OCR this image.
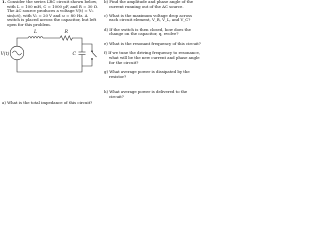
1. Consider the series LRC circuit shown below,
with L = 100 mH, C = 1000 µF, and R = 30 Ω.
The AC source produces a voltage V(t) = V₀
sin(ωt), with V₀ = 20 V and ω = 80 Hz. A
switch is placed across the capacitor, but left
open for this problem.
L	R
C
V(t)
a) What is the total impedance of this circuit?
b) Find the amplitude and phase angle of the
current running out of the AC source.
c) What is the maximum voltage drop across
each circuit element, V_R, V_L, and V_C?
d) If the switch is then closed, how does the
change on the capacitor, q, evolve?
e) What is the resonant frequency of this circuit?
f) If we tune the driving frequency to resonance,
what will be the new current and phase angle
for the circuit?
g) What average power is dissipated by the
resistor?
h) What average power is delivered to the
circuit?
